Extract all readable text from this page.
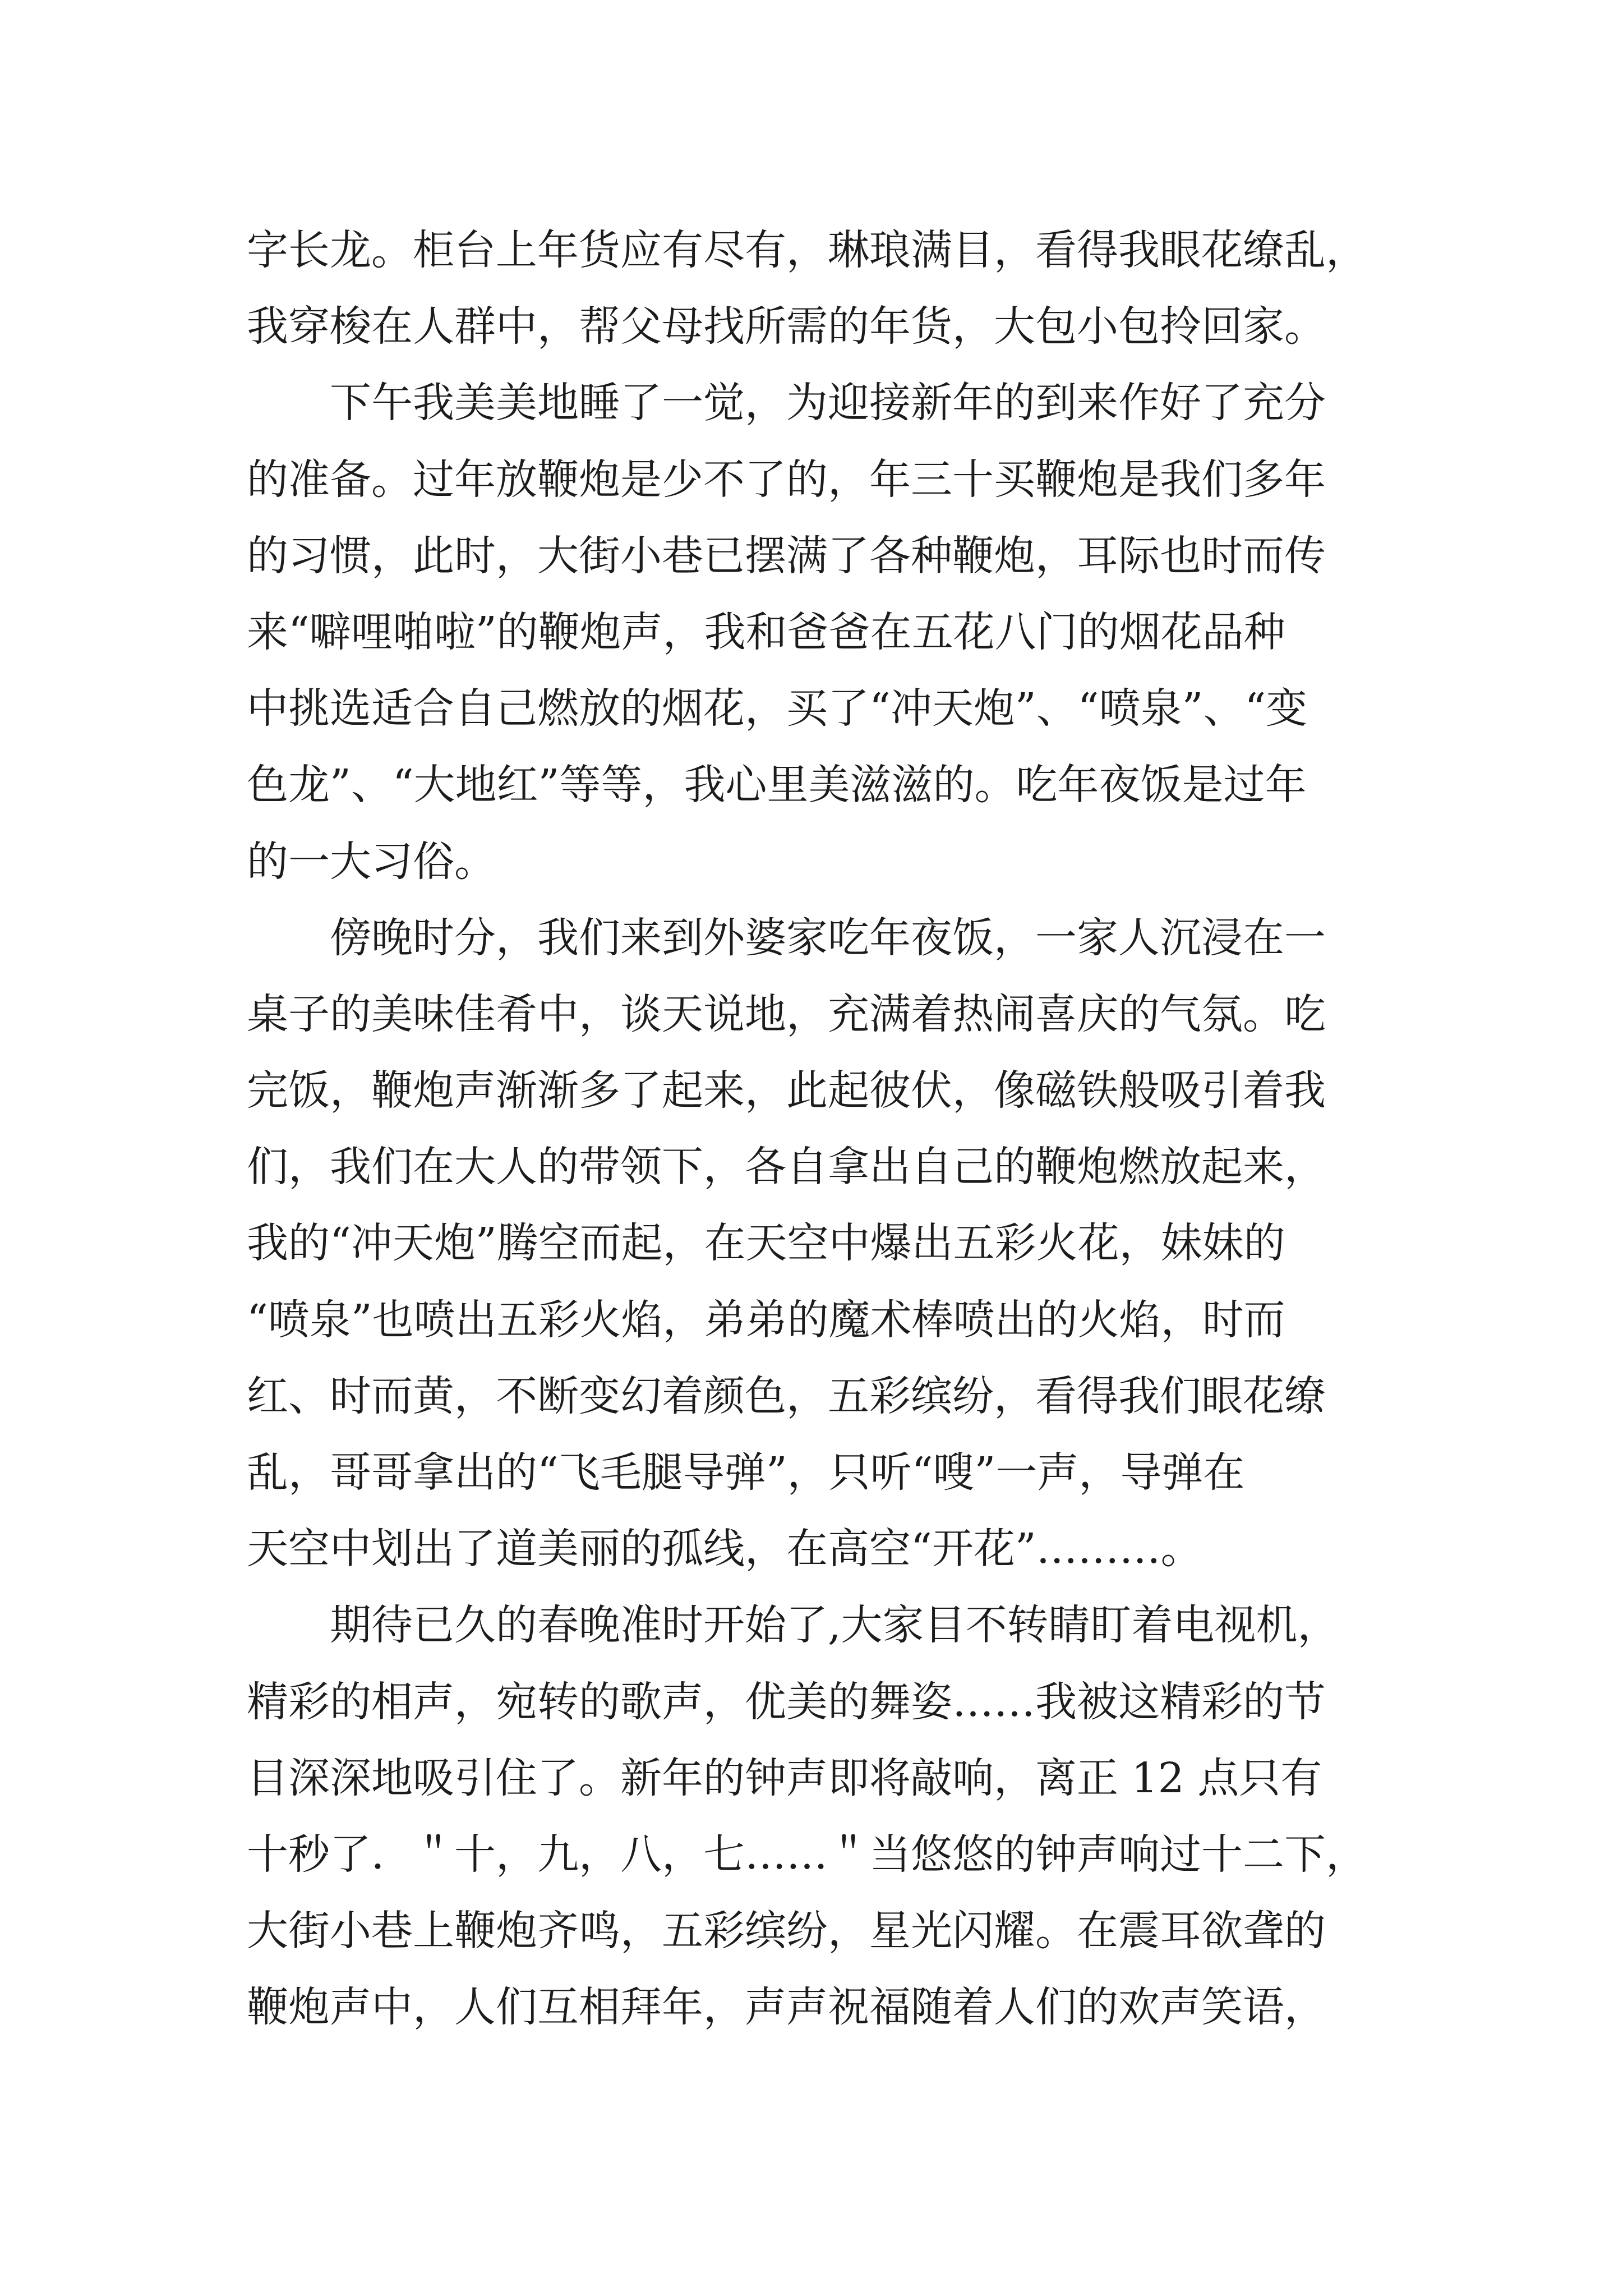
字长龙。柜台上年货应有尽有，琳琅满目，看得我眼花缭乱，
我穿梭在人群中，帮父母找所需的年货，大包小包拎回家。

下午我美美地睡了一觉，为迎接新年的到来作好了充分
的准备。过年放鞭炮是少不了的，年三十买鞭炮是我们多年
的习惯，此时，大街小巷已摆满了各种鞭炮，耳际也时而传
来“噼哩啪啦”的鞭炮声，我和爸爸在五花八门的烟花品种
中挑选适合自己燃放的烟花，买了“冲天炮”、“喷泉”、“变
色龙”、“大地红”等等，我心里美滋滋的。吃年夜饭是过年
的一大习俗。

傍晚时分，我们来到外婆家吃年夜饭，一家人沉浸在一
桌子的美味佳肴中，谈天说地，充满着热闹喜庆的气氛。吃
完饭，鞭炮声渐渐多了起来，此起彼伏，像磁铁般吸引着我
们，我们在大人的带领下，各自拿出自己的鞭炮燃放起来，
我的“冲天炮”腾空而起，在天空中爆出五彩火花，妹妹的
“喷泉”也喷出五彩火焰，弟弟的魔术棒喷出的火焰，时而
红、时而黄，不断变幻着颜色，五彩缤纷，看得我们眼花缭
乱，哥哥拿出的“飞毛腿导弹”，只听“嗖”一声，导弹在
天空中划出了道美丽的孤线，在高空“开花”………。

期待已久的春晚准时开始了,大家目不转睛盯着电视机，
精彩的相声，宛转的歌声，优美的舞姿……我被这精彩的节
目深深地吸引住了。新年的钟声即将敲响，离正 12 点只有
十秒了．＂十，九，八，七……＂当悠悠的钟声响过十二下，
大街小巷上鞭炮齐鸣，五彩缤纷，星光闪耀。在震耳欲聋的
鞭炮声中，人们互相拜年，声声祝福随着人们的欢声笑语，
